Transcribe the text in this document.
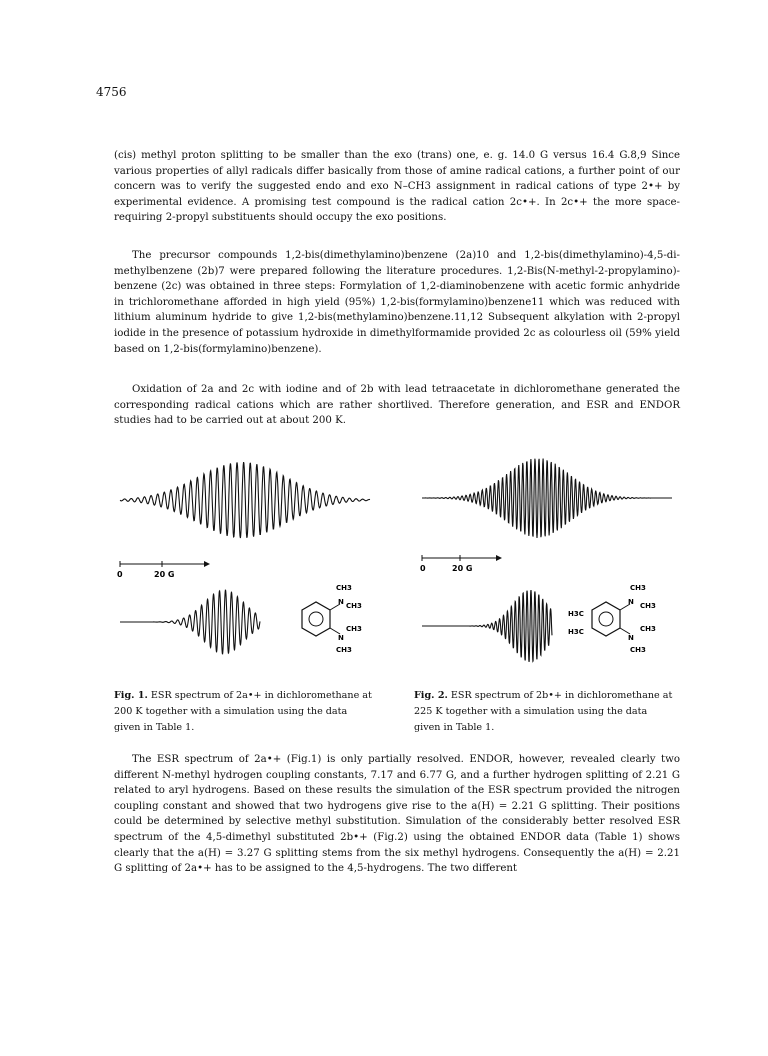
4756

(cis) methyl proton splitting to be smaller than the exo (trans) one, e. g. 14.0 G versus 16.4 G.8,9 Since various properties of allyl radicals differ basically from those of amine radical cations, a further point of our concern was to verify the suggested endo and exo N–CH3 assignment in radical cations of type 2•+ by experimental evidence. A promising test compound is the radical cation 2c•+. In 2c•+ the more space-requiring 2-propyl substituents should occupy the exo positions.

The precursor compounds 1,2-bis(dimethylamino)benzene (2a)10 and 1,2-bis(dimethylamino)-4,5-di-methylbenzene (2b)7 were prepared following the literature procedures. 1,2-Bis(N-methyl-2-propylamino)-benzene (2c) was obtained in three steps: Formylation of 1,2-diaminobenzene with acetic formic anhydride in trichloromethane afforded in high yield (95%) 1,2-bis(formylamino)benzene11 which was reduced with lithium aluminum hydride to give 1,2-bis(methylamino)benzene.11,12 Subsequent alkylation with 2-propyl iodide in the presence of potassium hydroxide in dimethylformamide provided 2c as colourless oil (59% yield based on 1,2-bis(formylamino)benzene).

Oxidation of 2a and 2c with iodine and of 2b with lead tetraacetate in dichloromethane generated the corresponding radical cations which are rather shortlived. Therefore generation, and ESR and ENDOR studies had to be carried out at about 200 K.

0	20 G
N
N
CH3
CH3
CH3
CH3
0	20 G
H3C
H3C
N
N
CH3
CH3
CH3
CH3

Fig. 1. ESR spectrum of 2a•+ in dichloromethane at 200 K together with a simulation using the data given in Table 1.

Fig. 2. ESR spectrum of 2b•+ in dichloromethane at 225 K together with a simulation using the data given in Table 1.

The ESR spectrum of 2a•+ (Fig.1) is only partially resolved. ENDOR, however, revealed clearly two different N-methyl hydrogen coupling constants, 7.17 and 6.77 G, and a further hydrogen splitting of 2.21 G related to aryl hydrogens. Based on these results the simulation of the ESR spectrum provided the nitrogen coupling constant and showed that two hydrogens give rise to the a(H) = 2.21 G splitting. Their positions could be determined by selective methyl substitution. Simulation of the considerably better resolved ESR spectrum of the 4,5-dimethyl substituted 2b•+ (Fig.2) using the obtained ENDOR data (Table 1) shows clearly that the a(H) = 3.27 G splitting stems from the six methyl hydrogens. Consequently the a(H) = 2.21 G splitting of 2a•+ has to be assigned to the 4,5-hydrogens. The two different
